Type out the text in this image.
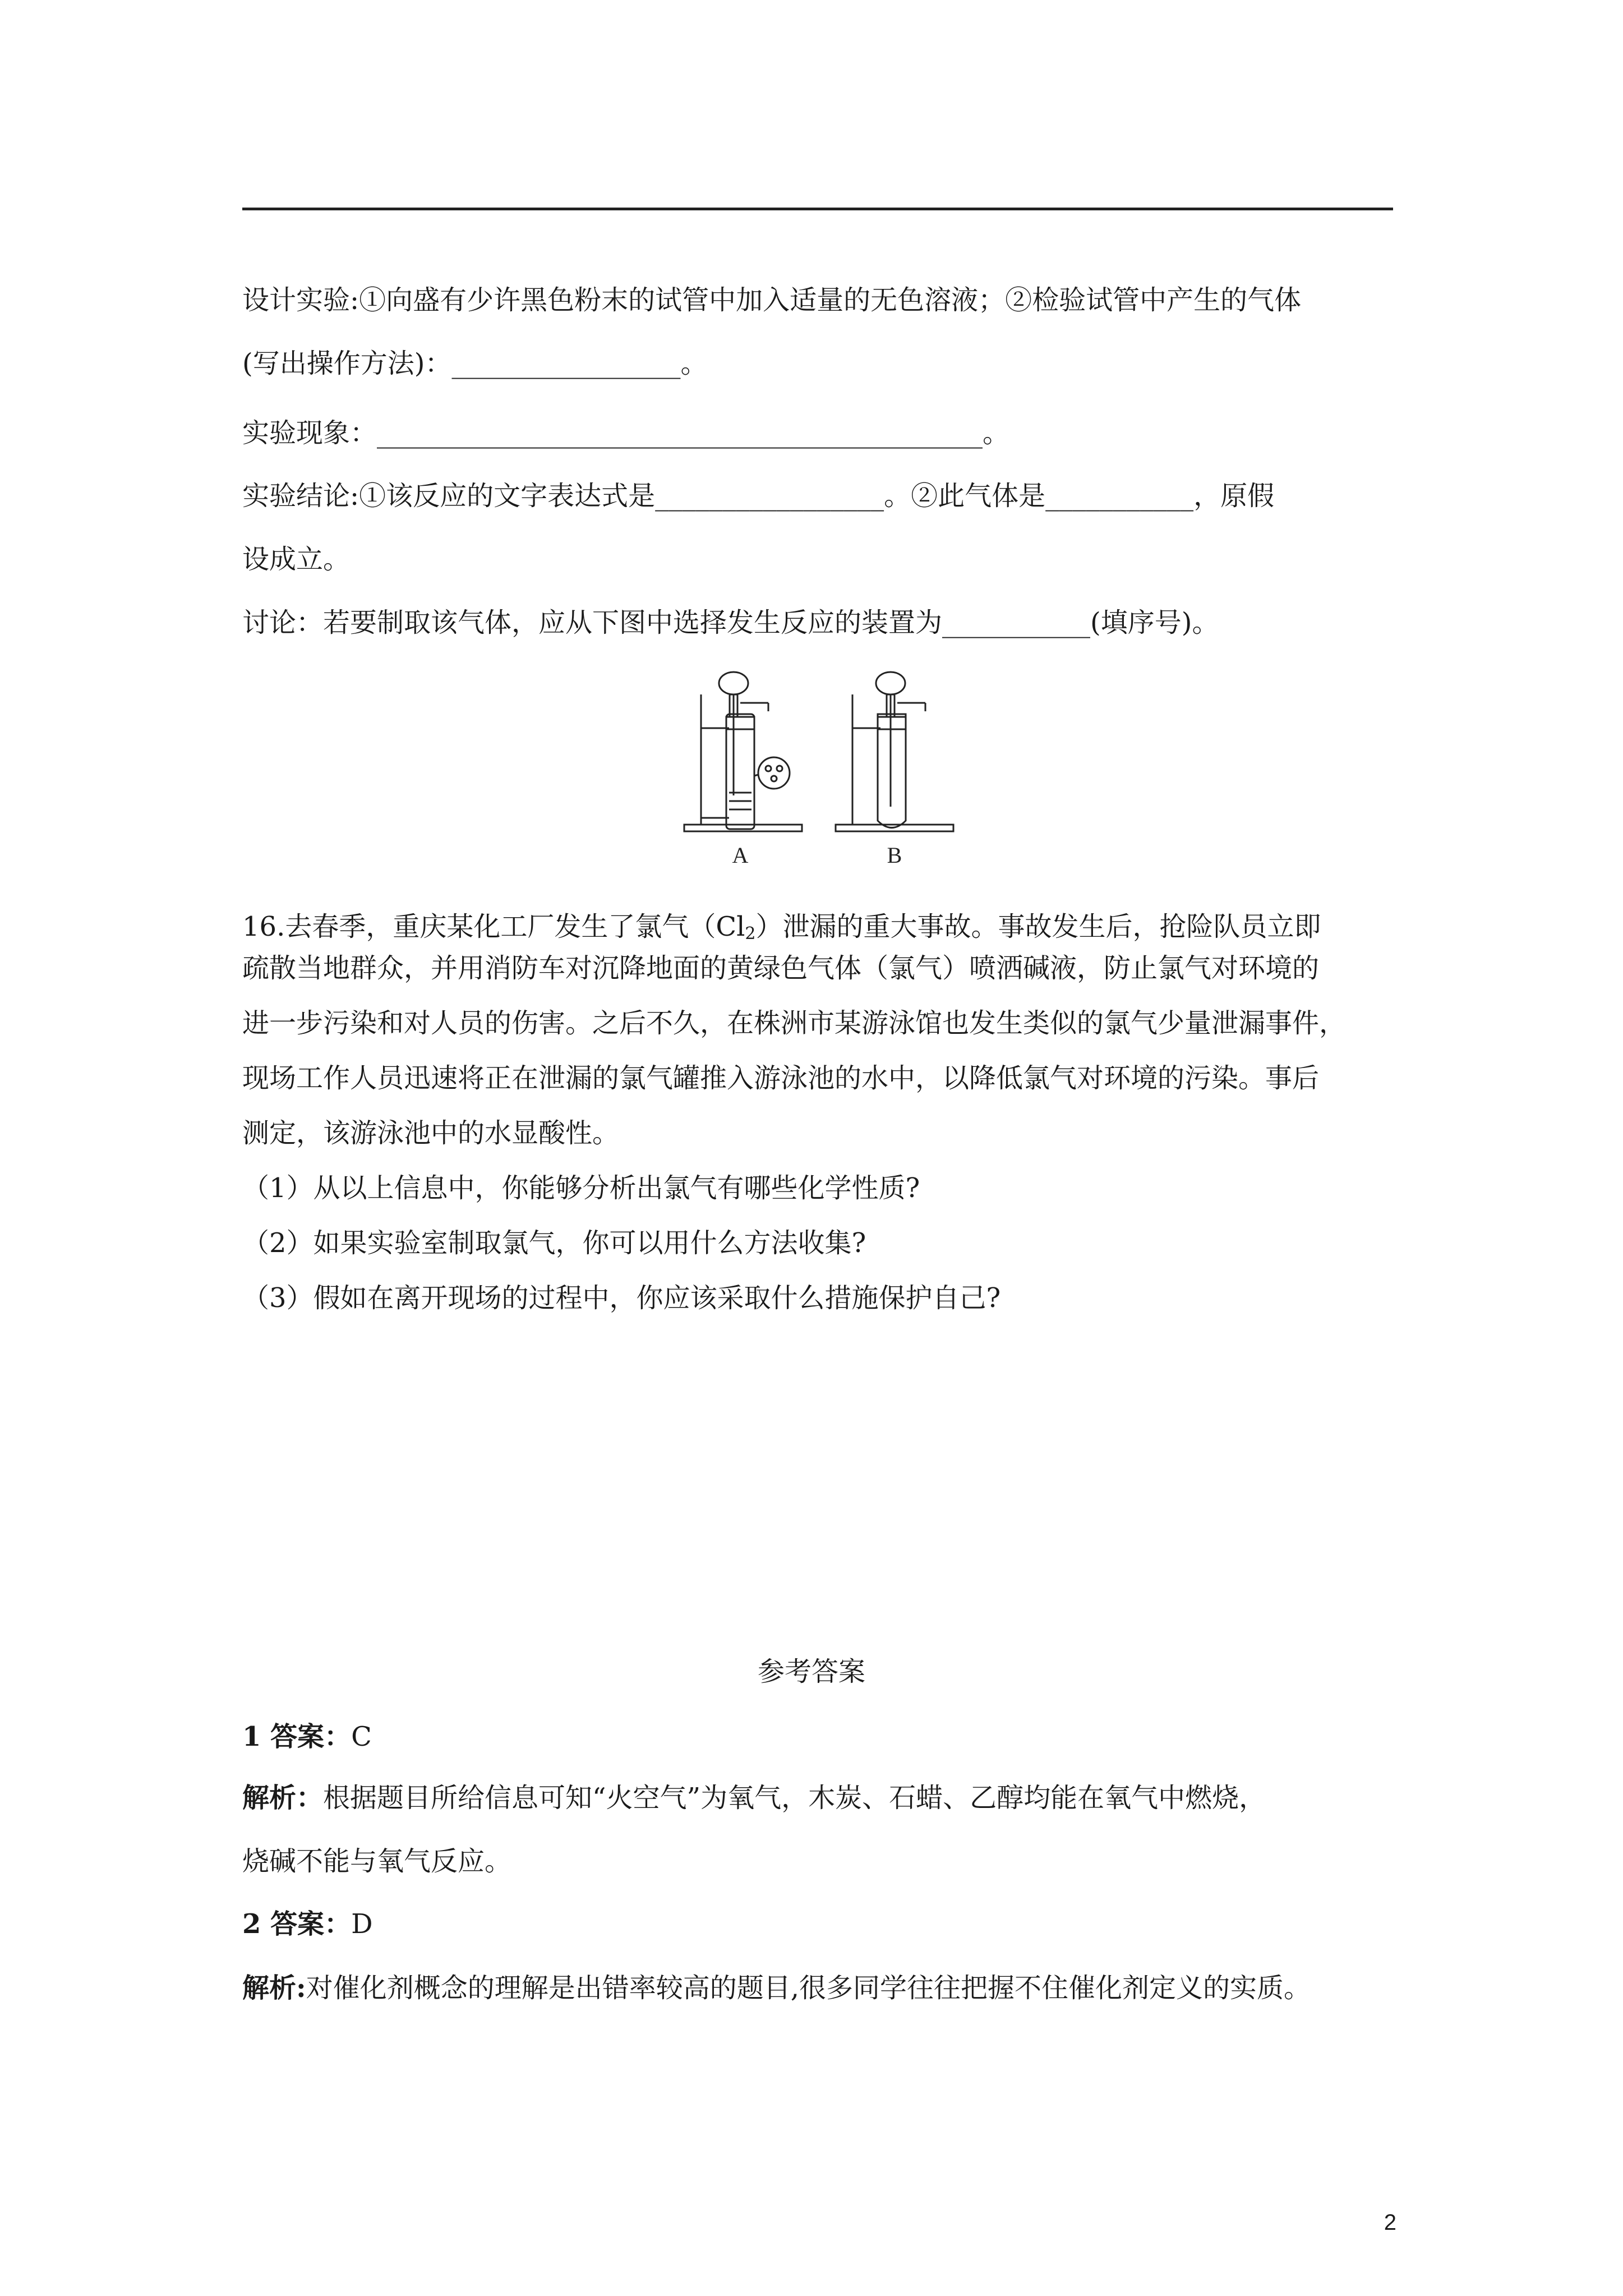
设计实验:①向盛有少许黑色粉末的试管中加入适量的无色溶液；②检验试管中产生的气体
(写出操作方法)：_________________。
实验现象：_____________________________________________。
实验结论:①该反应的文字表达式是_________________。②此气体是___________，原假
设成立。
讨论：若要制取该气体，应从下图中选择发生反应的装置为___________(填序号)。
A	B
16.去春季，重庆某化工厂发生了氯气$(Cl_2)$泄漏的重大事故。事故发生后，抢险队员立即
疏散当地群众，并用消防车对沉降地面的黄绿色气体（氯气）喷洒碱液，防止氯气对环境的
进一步污染和对人员的伤害。之后不久，在株洲市某游泳馆也发生类似的氯气少量泄漏事件，
现场工作人员迅速将正在泄漏的氯气罐推入游泳池的水中，以降低氯气对环境的污染。事后
测定，该游泳池中的水显酸性。
（1）从以上信息中，你能够分析出氯气有哪些化学性质?
（2）如果实验室制取氯气，你可以用什么方法收集?
（3）假如在离开现场的过程中，你应该采取什么措施保护自己?
参考答案
1 答案：C
解析：根据题目所给信息可知“火空气”为氧气，木炭、石蜡、乙醇均能在氧气中燃烧，
烧碱不能与氧气反应。
2 答案：D
解析:对催化剂概念的理解是出错率较高的题目,很多同学往往把握不住催化剂定义的实质。
2
